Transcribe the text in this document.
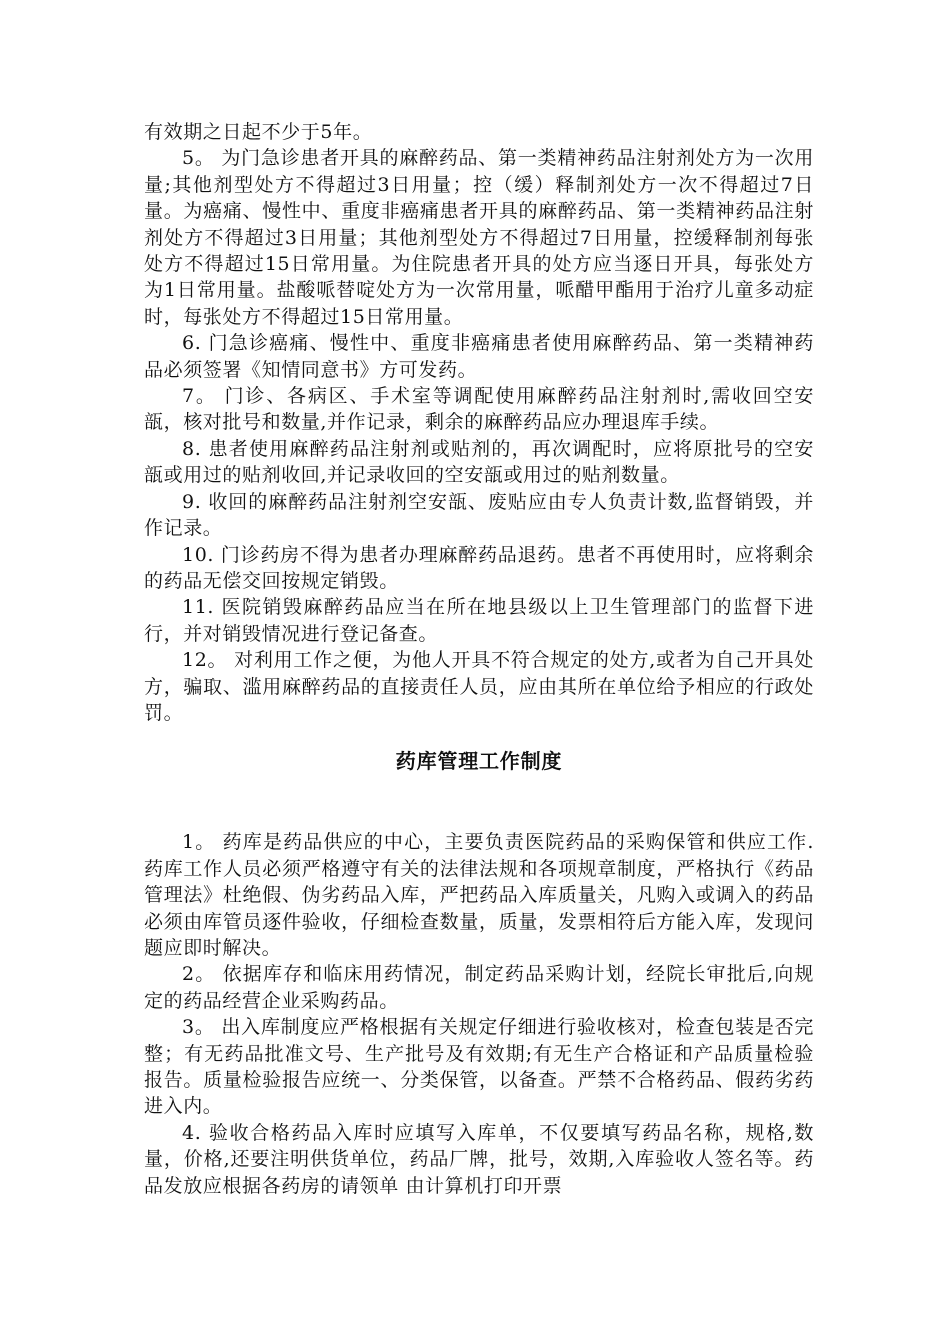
有效期之日起不少于5年。

5。 为门急诊患者开具的麻醉药品、第一类精神药品注射剂处方为一次用量;其他剂型处方不得超过3日用量；控（缓）释制剂处方一次不得超过7日量。为癌痛、慢性中、重度非癌痛患者开具的麻醉药品、第一类精神药品注射剂处方不得超过3日用量；其他剂型处方不得超过7日用量，控缓释制剂每张处方不得超过15日常用量。为住院患者开具的处方应当逐日开具，每张处方为1日常用量。盐酸哌替啶处方为一次常用量，哌醋甲酯用于治疗儿童多动症时，每张处方不得超过15日常用量。

6. 门急诊癌痛、慢性中、重度非癌痛患者使用麻醉药品、第一类精神药品必须签署《知情同意书》方可发药。

7。 门诊、各病区、手术室等调配使用麻醉药品注射剂时,需收回空安瓿，核对批号和数量,并作记录，剩余的麻醉药品应办理退库手续。

8. 患者使用麻醉药品注射剂或贴剂的，再次调配时，应将原批号的空安瓿或用过的贴剂收回,并记录收回的空安瓿或用过的贴剂数量。

9. 收回的麻醉药品注射剂空安瓿、废贴应由专人负责计数,监督销毁，并作记录。

10. 门诊药房不得为患者办理麻醉药品退药。患者不再使用时，应将剩余的药品无偿交回按规定销毁。

11. 医院销毁麻醉药品应当在所在地县级以上卫生管理部门的监督下进行，并对销毁情况进行登记备查。

12。 对利用工作之便，为他人开具不符合规定的处方,或者为自己开具处方，骗取、滥用麻醉药品的直接责任人员，应由其所在单位给予相应的行政处罚。

药库管理工作制度

1。 药库是药品供应的中心，主要负责医院药品的采购保管和供应工作.药库工作人员必须严格遵守有关的法律法规和各项规章制度，严格执行《药品管理法》杜绝假、伪劣药品入库，严把药品入库质量关，凡购入或调入的药品必须由库管员逐件验收，仔细检查数量，质量，发票相符后方能入库，发现问题应即时解决。

2。 依据库存和临床用药情况，制定药品采购计划，经院长审批后,向规定的药品经营企业采购药品。

3。 出入库制度应严格根据有关规定仔细进行验收核对，检查包装是否完整；有无药品批准文号、生产批号及有效期;有无生产合格证和产品质量检验报告。质量检验报告应统一、分类保管，以备查。严禁不合格药品、假药劣药进入内。

4. 验收合格药品入库时应填写入库单，不仅要填写药品名称，规格,数量，价格,还要注明供货单位，药品厂牌，批号，效期,入库验收人签名等。药品发放应根据各药房的请领单 由计算机打印开票
